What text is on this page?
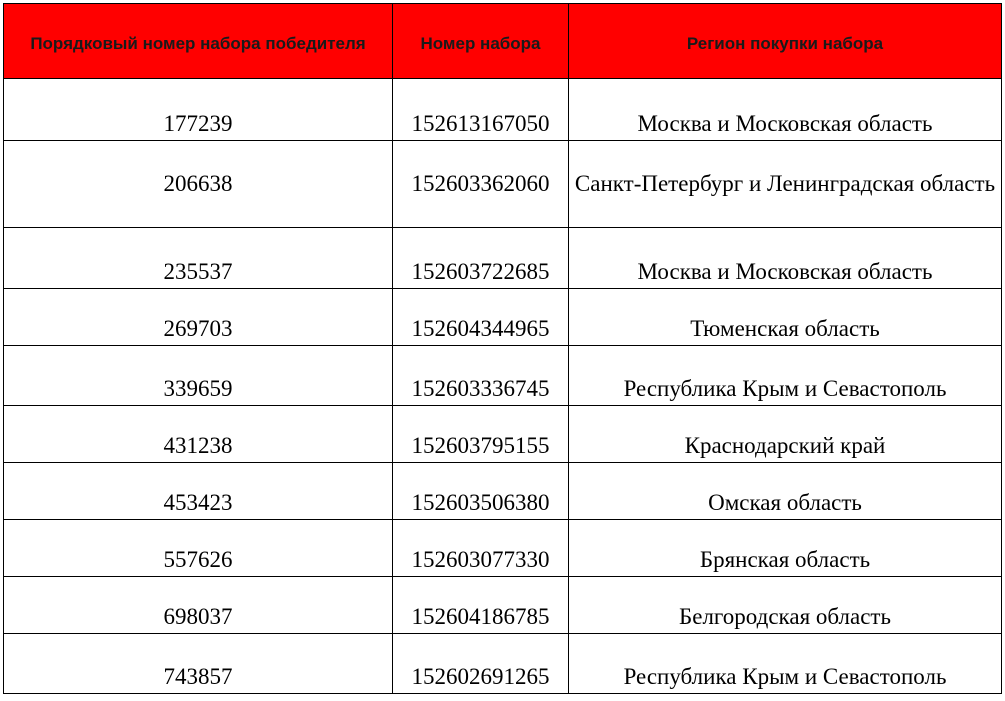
Порядковый номер набора победителя	Номер набора	Регион покупки набора
177239	152613167050	Москва и Московская область
206638	152603362060	Санкт-Петербург и Ленинградская область
235537	152603722685	Москва и Московская область
269703	152604344965	Тюменская область
339659	152603336745	Республика Крым и Севастополь
431238	152603795155	Краснодарский край
453423	152603506380	Омская область
557626	152603077330	Брянская область
698037	152604186785	Белгородская область
743857	152602691265	Республика Крым и Севастополь
